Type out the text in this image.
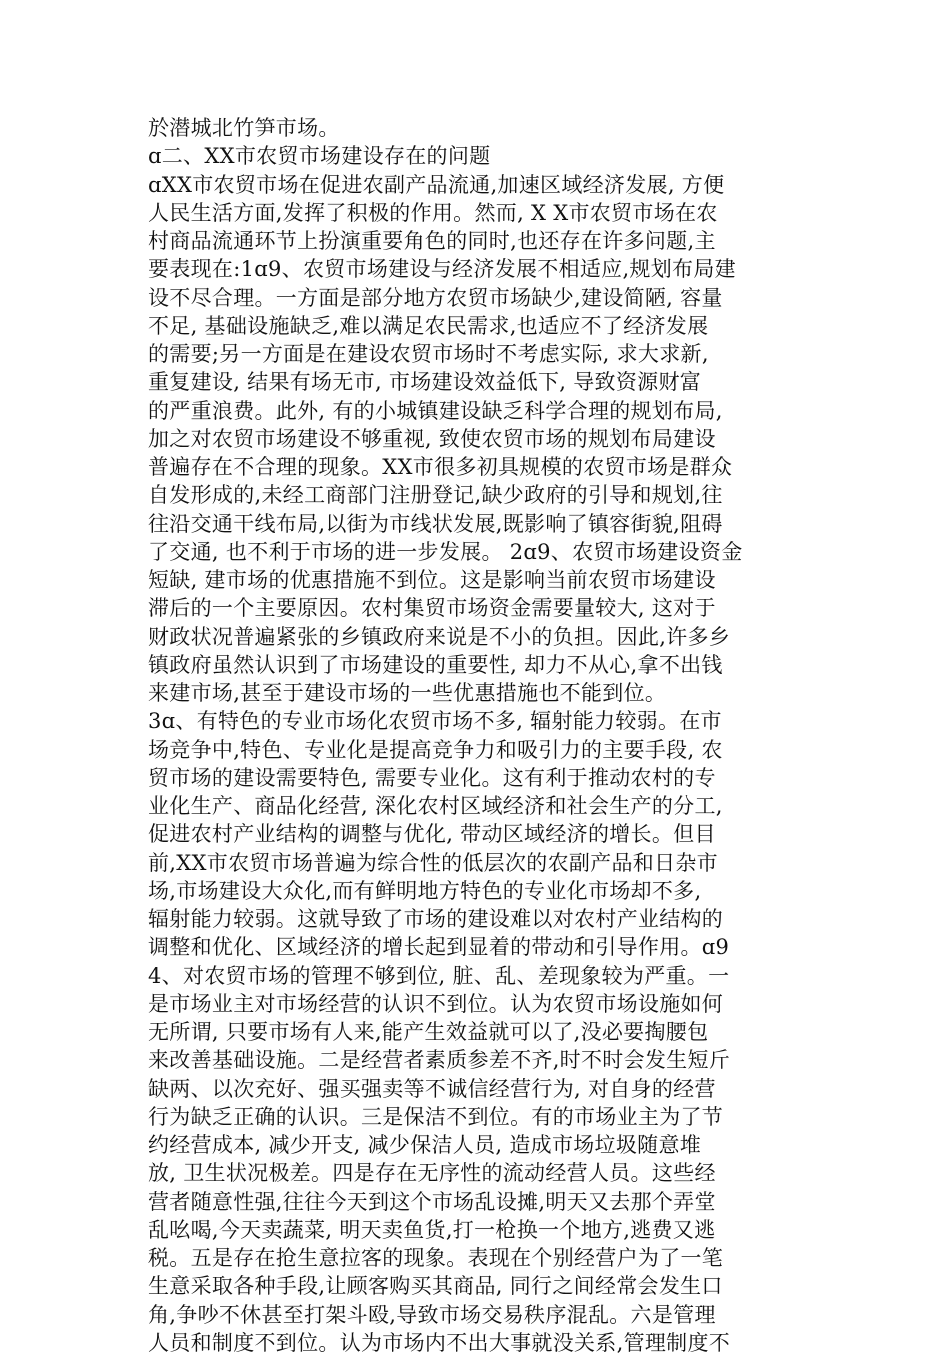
於潜城北竹笋市场。
ɑ二、XX市农贸市场建设存在的问题
ɑXX市农贸市场在促进农副产品流通,加速区域经济发展, 方便
人民生活方面,发挥了积极的作用。然而, X X市农贸市场在农
村商品流通环节上扮演重要角色的同时,也还存在许多问题,主
要表现在:1ɑ9、农贸市场建设与经济发展不相适应,规划布局建
设不尽合理。一方面是部分地方农贸市场缺少,建设简陋, 容量
不足, 基础设施缺乏,难以满足农民需求,也适应不了经济发展
的需要;另一方面是在建设农贸市场时不考虑实际, 求大求新,
重复建设, 结果有场无市, 市场建设效益低下, 导致资源财富
的严重浪费。此外, 有的小城镇建设缺乏科学合理的规划布局,
加之对农贸市场建设不够重视, 致使农贸市场的规划布局建设
普遍存在不合理的现象。XX市很多初具规模的农贸市场是群众
自发形成的,未经工商部门注册登记,缺少政府的引导和规划,往
往沿交通干线布局,以街为市线状发展,既影响了镇容街貌,阻碍
了交通, 也不利于市场的进一步发展。 2ɑ9、农贸市场建设资金
短缺, 建市场的优惠措施不到位。这是影响当前农贸市场建设
滞后的一个主要原因。农村集贸市场资金需要量较大, 这对于
财政状况普遍紧张的乡镇政府来说是不小的负担。因此,许多乡
镇政府虽然认识到了市场建设的重要性, 却力不从心,拿不出钱
来建市场,甚至于建设市场的一些优惠措施也不能到位。
3ɑ、有特色的专业市场化农贸市场不多, 辐射能力较弱。在市
场竞争中,特色、专业化是提高竞争力和吸引力的主要手段, 农
贸市场的建设需要特色, 需要专业化。这有利于推动农村的专
业化生产、商品化经营, 深化农村区域经济和社会生产的分工,
促进农村产业结构的调整与优化, 带动区域经济的增长。但目
前,XX市农贸市场普遍为综合性的低层次的农副产品和日杂市
场,市场建设大众化,而有鲜明地方特色的专业化市场却不多,
辐射能力较弱。这就导致了市场的建设难以对农村产业结构的
调整和优化、区域经济的增长起到显着的带动和引导作用。ɑ9
4、对农贸市场的管理不够到位, 脏、乱、差现象较为严重。一
是市场业主对市场经营的认识不到位。认为农贸市场设施如何
无所谓, 只要市场有人来,能产生效益就可以了,没必要掏腰包
来改善基础设施。二是经营者素质参差不齐,时不时会发生短斤
缺两、以次充好、强买强卖等不诚信经营行为, 对自身的经营
行为缺乏正确的认识。三是保洁不到位。有的市场业主为了节
约经营成本, 减少开支, 减少保洁人员, 造成市场垃圾随意堆
放, 卫生状况极差。四是存在无序性的流动经营人员。这些经
营者随意性强,往往今天到这个市场乱设摊,明天又去那个弄堂
乱吆喝,今天卖蔬菜, 明天卖鱼货,打一枪换一个地方,逃费又逃
税。五是存在抢生意拉客的现象。表现在个别经营户为了一笔
生意采取各种手段,让顾客购买其商品, 同行之间经常会发生口
角,争吵不休甚至打架斗殴,导致市场交易秩序混乱。六是管理
人员和制度不到位。认为市场内不出大事就没关系,管理制度不
